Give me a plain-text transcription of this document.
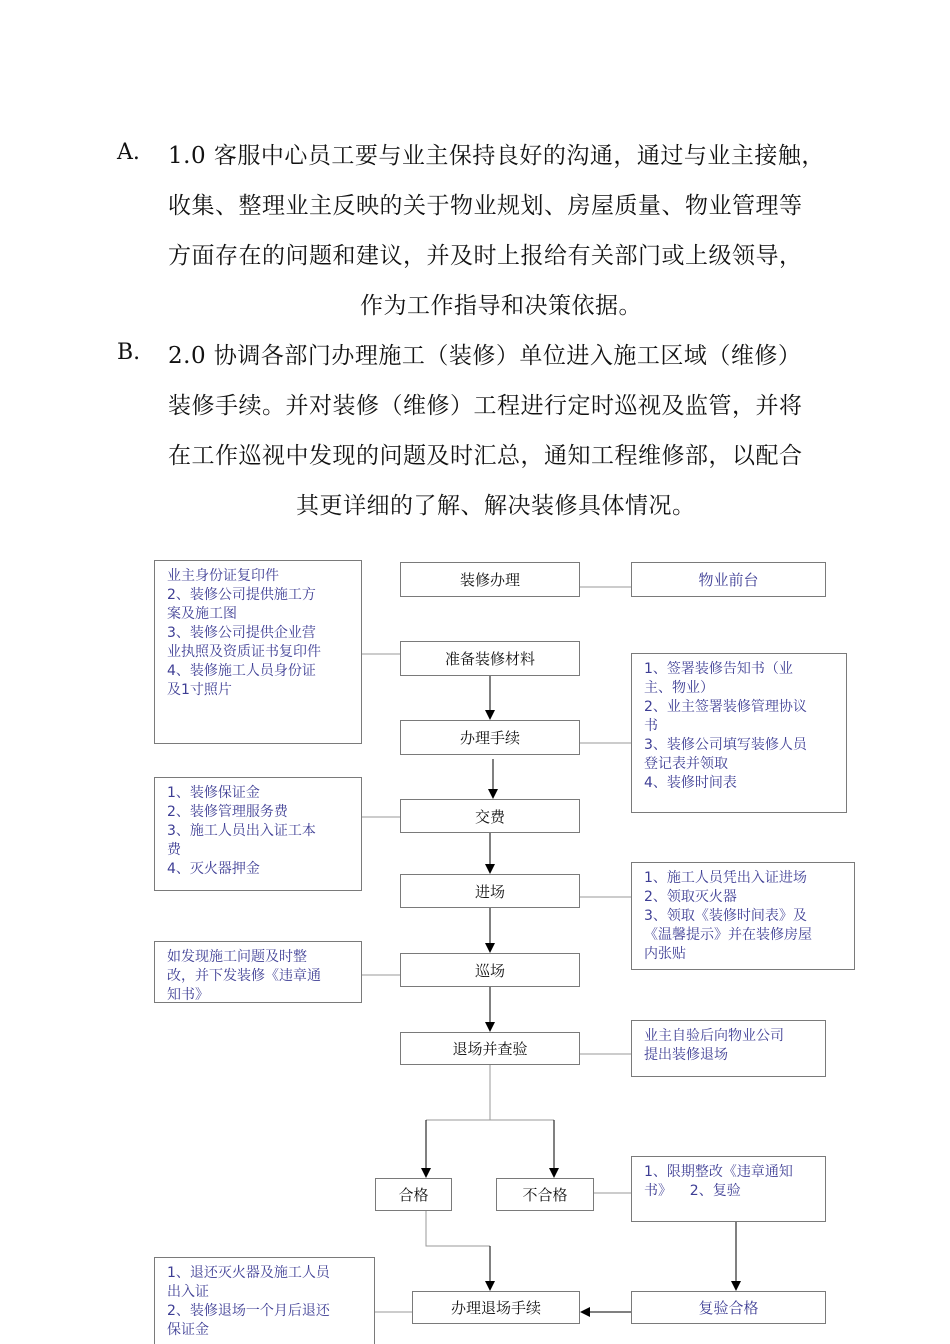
A. 1.0 客服中心员工要与业主保持良好的沟通，通过与业主接触，
收集、整理业主反映的关于物业规划、房屋质量、物业管理等
方面存在的问题和建议，并及时上报给有关部门或上级领导，
作为工作指导和决策依据。
B. 2.0 协调各部门办理施工（装修）单位进入施工区域（维修）
装修手续。并对装修（维修）工程进行定时巡视及监管，并将
在工作巡视中发现的问题及时汇总，通知工程维修部，以配合
其更详细的了解、解决装修具体情况。
装修办理
准备装修材料
办理手续
交费
进场
巡场
退场并查验
合格	不合格
办理退场手续	复验合格
物业前台
业主身份证复印件
2、装修公司提供施工方
案及施工图
3、装修公司提供企业营
业执照及资质证书复印件
4、装修施工人员身份证
及1寸照片
1、签署装修告知书（业
主、物业）
2、业主签署装修管理协议
书
3、装修公司填写装修人员
登记表并领取
4、装修时间表
1、装修保证金
2、装修管理服务费
3、施工人员出入证工本
费
4、灭火器押金
1、施工人员凭出入证进场
2、领取灭火器
3、领取《装修时间表》及
《温馨提示》并在装修房屋
内张贴
如发现施工问题及时整
改，并下发装修《违章通
知书》
业主自验后向物业公司
提出装修退场
1、限期整改《违章通知
书》    2、复验
1、退还灭火器及施工人员
出入证
2、装修退场一个月后退还
保证金
